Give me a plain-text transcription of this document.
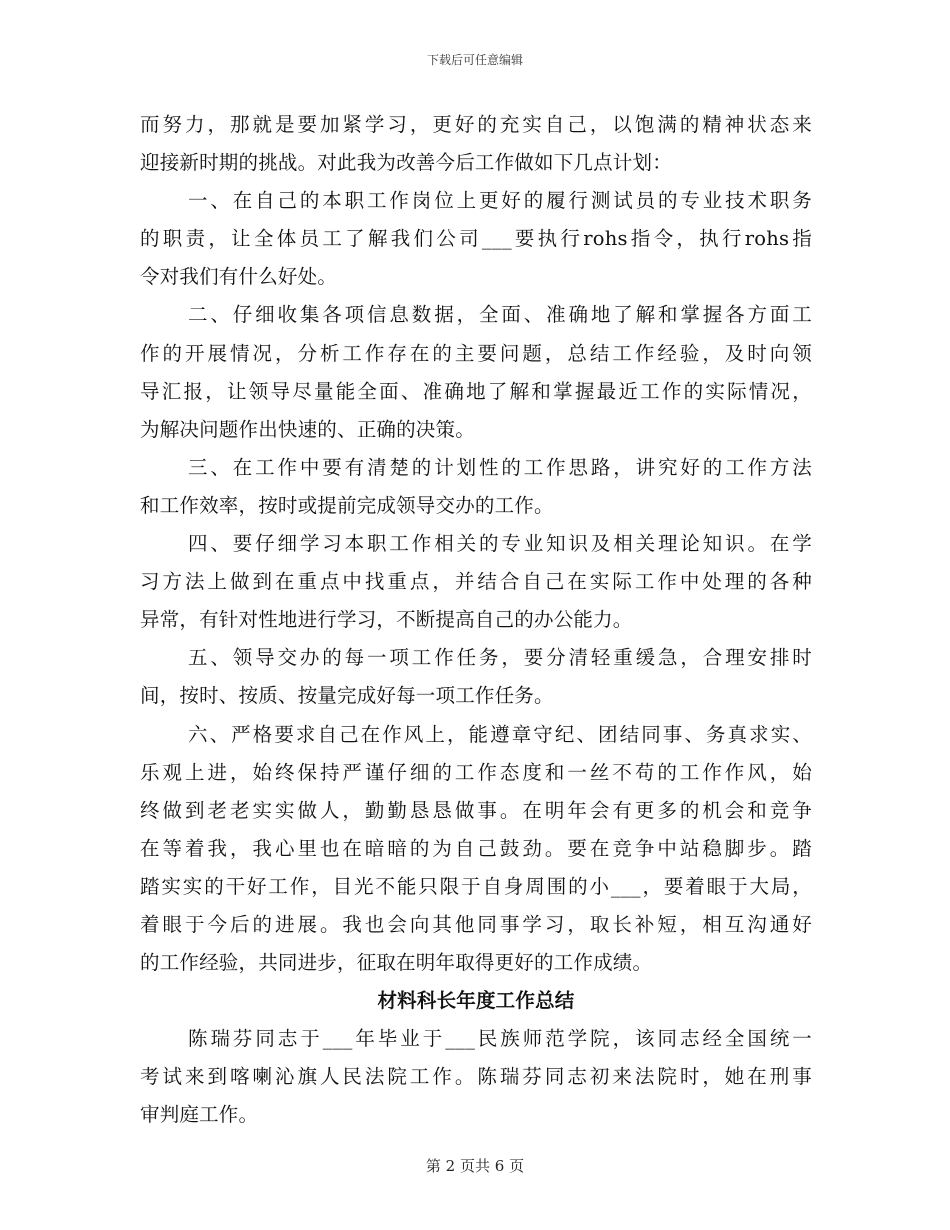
下载后可任意编辑
而努力，那就是要加紧学习，更好的充实自己，以饱满的精神状态来
迎接新时期的挑战。对此我为改善今后工作做如下几点计划：
一、在自己的本职工作岗位上更好的履行测试员的专业技术职务
的职责，让全体员工了解我们公司___要执行rohs指令，执行rohs指
令对我们有什么好处。
二、仔细收集各项信息数据，全面、准确地了解和掌握各方面工
作的开展情况，分析工作存在的主要问题，总结工作经验，及时向领
导汇报，让领导尽量能全面、准确地了解和掌握最近工作的实际情况，
为解决问题作出快速的、正确的决策。
三、在工作中要有清楚的计划性的工作思路，讲究好的工作方法
和工作效率，按时或提前完成领导交办的工作。
四、要仔细学习本职工作相关的专业知识及相关理论知识。在学
习方法上做到在重点中找重点，并结合自己在实际工作中处理的各种
异常，有针对性地进行学习，不断提高自己的办公能力。
五、领导交办的每一项工作任务，要分清轻重缓急，合理安排时
间，按时、按质、按量完成好每一项工作任务。
六、严格要求自己在作风上，能遵章守纪、团结同事、务真求实、
乐观上进，始终保持严谨仔细的工作态度和一丝不苟的工作作风，始
终做到老老实实做人，勤勤恳恳做事。在明年会有更多的机会和竞争
在等着我，我心里也在暗暗的为自己鼓劲。要在竞争中站稳脚步。踏
踏实实的干好工作，目光不能只限于自身周围的小___，要着眼于大局，
着眼于今后的进展。我也会向其他同事学习，取长补短，相互沟通好
的工作经验，共同进步，征取在明年取得更好的工作成绩。
材料科长年度工作总结
陈瑞芬同志于___年毕业于___民族师范学院，该同志经全国统一
考试来到喀喇沁旗人民法院工作。陈瑞芬同志初来法院时，她在刑事
审判庭工作。
第 2 页共 6 页
